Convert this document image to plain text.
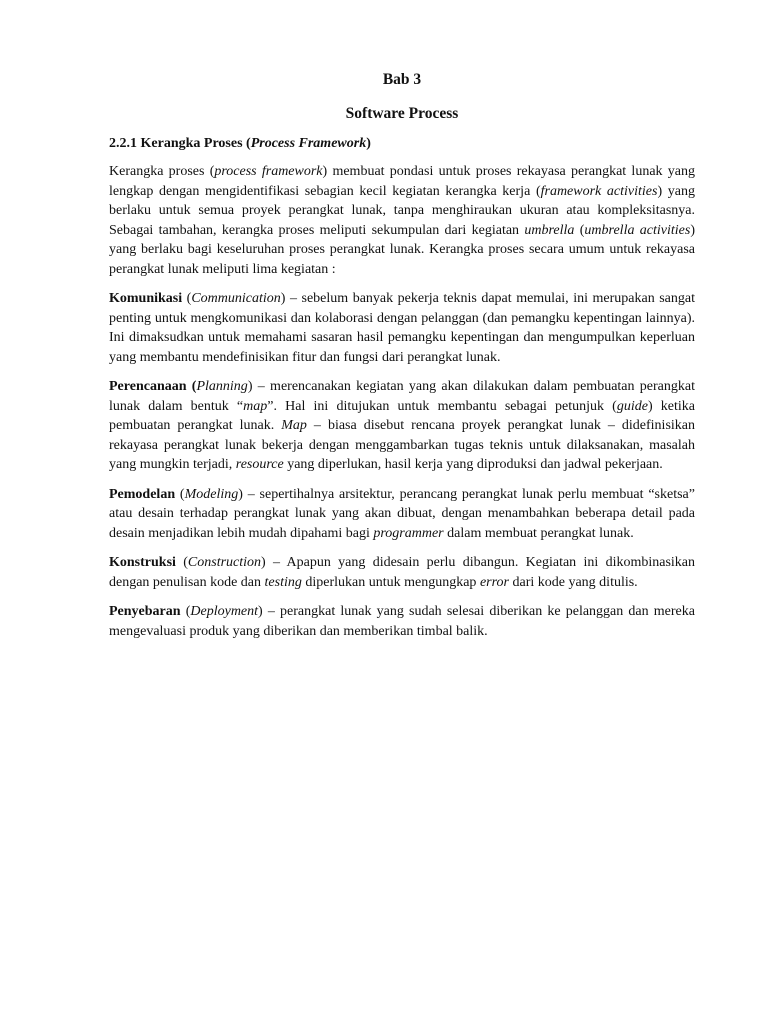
Bab 3
Software Process
2.2.1 Kerangka Proses (Process Framework)

Kerangka proses (process framework) membuat pondasi untuk proses rekayasa perangkat lunak yang lengkap dengan mengidentifikasi sebagian kecil kegiatan kerangka kerja (framework activities) yang berlaku untuk semua proyek perangkat lunak, tanpa menghiraukan ukuran atau kompleksitasnya. Sebagai tambahan, kerangka proses meliputi sekumpulan dari kegiatan umbrella (umbrella activities) yang berlaku bagi keseluruhan proses perangkat lunak. Kerangka proses secara umum untuk rekayasa perangkat lunak meliputi lima kegiatan :

Komunikasi (Communication) – sebelum banyak pekerja teknis dapat memulai, ini merupakan sangat penting untuk mengkomunikasi dan kolaborasi dengan pelanggan (dan pemangku kepentingan lainnya). Ini dimaksudkan untuk memahami sasaran hasil pemangku kepentingan dan mengumpulkan keperluan yang membantu mendefinisikan fitur dan fungsi dari perangkat lunak.

Perencanaan (Planning) – merencanakan kegiatan yang akan dilakukan dalam pembuatan perangkat lunak dalam bentuk “map”. Hal ini ditujukan untuk membantu sebagai petunjuk (guide) ketika pembuatan perangkat lunak. Map – biasa disebut rencana proyek perangkat lunak – didefinisikan rekayasa perangkat lunak bekerja dengan menggambarkan tugas teknis untuk dilaksanakan, masalah yang mungkin terjadi, resource yang diperlukan, hasil kerja yang diproduksi dan jadwal pekerjaan.

Pemodelan (Modeling) – sepertihalnya arsitektur, perancang perangkat lunak perlu membuat “sketsa” atau desain terhadap perangkat lunak yang akan dibuat, dengan menambahkan beberapa detail pada desain menjadikan lebih mudah dipahami bagi programmer dalam membuat perangkat lunak.

Konstruksi (Construction) – Apapun yang didesain perlu dibangun. Kegiatan ini dikombinasikan dengan penulisan kode dan testing diperlukan untuk mengungkap error dari kode yang ditulis.

Penyebaran (Deployment) – perangkat lunak yang sudah selesai diberikan ke pelanggan dan mereka mengevaluasi produk yang diberikan dan memberikan timbal balik.
